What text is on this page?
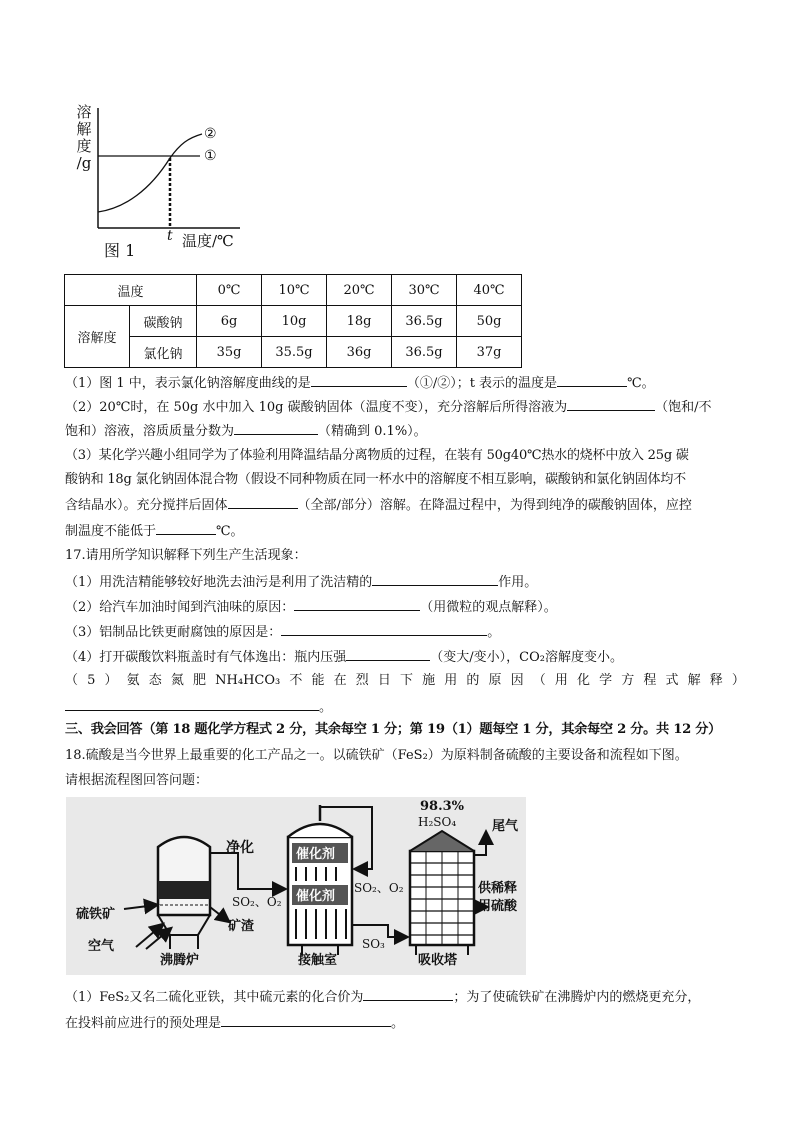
溶
解
度
/g
②
①
t 温度/℃
图 1
温度		0℃	10℃	20℃	30℃	40℃
溶解度	碳酸钠	6g	10g	18g	36.5g	50g
	氯化钠	35g	35.5g	36g	36.5g	37g
（1）图 1 中，表示氯化钠溶解度曲线的是	（①/②）；t 表示的温度是	℃。
（2）20℃时，在 50g 水中加入 10g 碳酸钠固体（温度不变），充分溶解后所得溶液为	（饱和/不
饱和）溶液，溶质质量分数为	（精确到 0.1%）。
（3）某化学兴趣小组同学为了体验利用降温结晶分离物质的过程，在装有 50g40℃热水的烧杯中放入 25g 碳
酸钠和 18g 氯化钠固体混合物（假设不同种物质在同一杯水中的溶解度不相互影响，碳酸钠和氯化钠固体均不
含结晶水）。充分搅拌后固体	（全部/部分）溶解。在降温过程中，为得到纯净的碳酸钠固体，应控
制温度不能低于	℃。
17.请用所学知识解释下列生产生活现象：
（1）用洗洁精能够较好地洗去油污是利用了洗洁精的	作用。
（2）给汽车加油时闻到汽油味的原因：	（用微粒的观点解释）。
（3）铝制品比铁更耐腐蚀的原因是：	。
（4）打开碳酸饮料瓶盖时有气体逸出：瓶内压强	（变大/变小），CO₂溶解度变小。
（ 5 ） 氨 态 氮 肥 NH₄HCO₃ 不 能 在 烈 日 下 施 用 的 原 因 （ 用 化 学 方 程 式 解 释 ）
。
三、我会回答（第 18 题化学方程式 2 分，其余每空 1 分；第 19（1）题每空 1 分，其余每空 2 分。共 12 分）
18.硫酸是当今世界上最重要的化工产品之一。以硫铁矿（FeS₂）为原料制备硫酸的主要设备和流程如下图。
请根据流程图回答问题：
硫铁矿
空气
沸腾炉
矿渣
净化
SO₂、O₂
催化剂
催化剂
接触室
SO₂、O₂
SO₃
98.3%
H₂SO₄	尾气
供稀释
用硫酸
吸收塔
（1）FeS₂又名二硫化亚铁，其中硫元素的化合价为	；为了使硫铁矿在沸腾炉内的燃烧更充分，
在投料前应进行的预处理是	。
